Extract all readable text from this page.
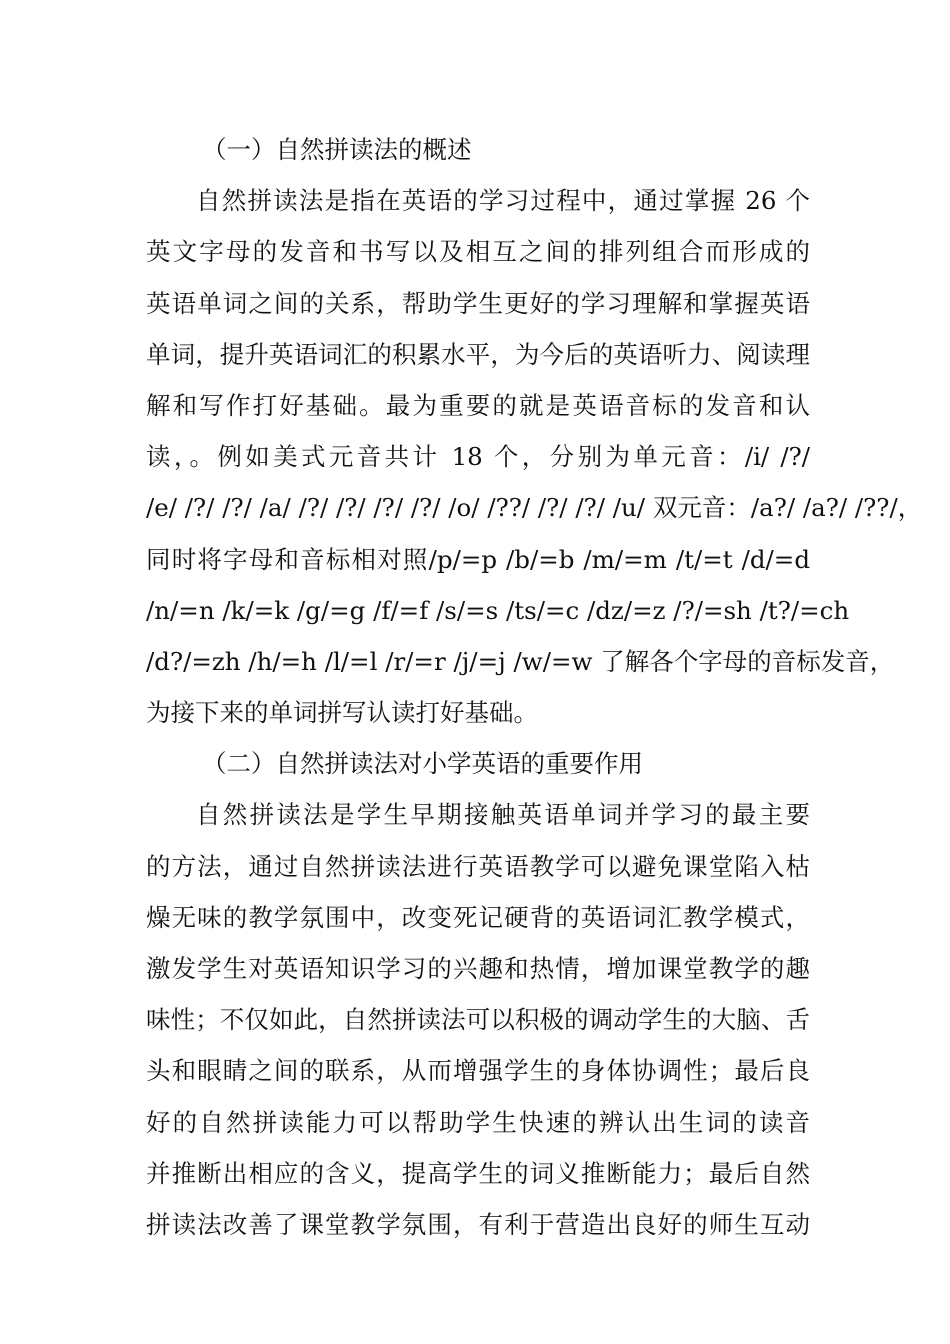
（一）自然拼读法的概述
自然拼读法是指在英语的学习过程中，通过掌握 26 个
英文字母的发音和书写以及相互之间的排列组合而形成的
英语单词之间的关系，帮助学生更好的学习理解和掌握英语
单词，提升英语词汇的积累水平，为今后的英语听力、阅读理
解和写作打好基础。最为重要的就是英语音标的发音和认
读，。例如美式元音共计 18 个，分别为单元音：/i/ /?/
/e/ /?/ /?/ /a/ /?/ /?/ /?/ /?/ /o/ /??/ /?/ /?/ /u/ 双元音：/a?/ /a?/ /??/，
同时将字母和音标相对照/p/=p /b/=b /m/=m /t/=t /d/=d
/n/=n /k/=k /g/=g /f/=f /s/=s /ts/=c /dz/=z /?/=sh /t?/=ch
/d?/=zh /h/=h /l/=l /r/=r /j/=j /w/=w 了解各个字母的音标发音，
为接下来的单词拼写认读打好基础。
（二）自然拼读法对小学英语的重要作用
自然拼读法是学生早期接触英语单词并学习的最主要
的方法，通过自然拼读法进行英语教学可以避免课堂陷入枯
燥无味的教学氛围中，改变死记硬背的英语词汇教学模式，
激发学生对英语知识学习的兴趣和热情，增加课堂教学的趣
味性；不仅如此，自然拼读法可以积极的调动学生的大脑、舌
头和眼睛之间的联系，从而增强学生的身体协调性；最后良
好的自然拼读能力可以帮助学生快速的辨认出生词的读音
并推断出相应的含义，提高学生的词义推断能力；最后自然
拼读法改善了课堂教学氛围，有利于营造出良好的师生互动
